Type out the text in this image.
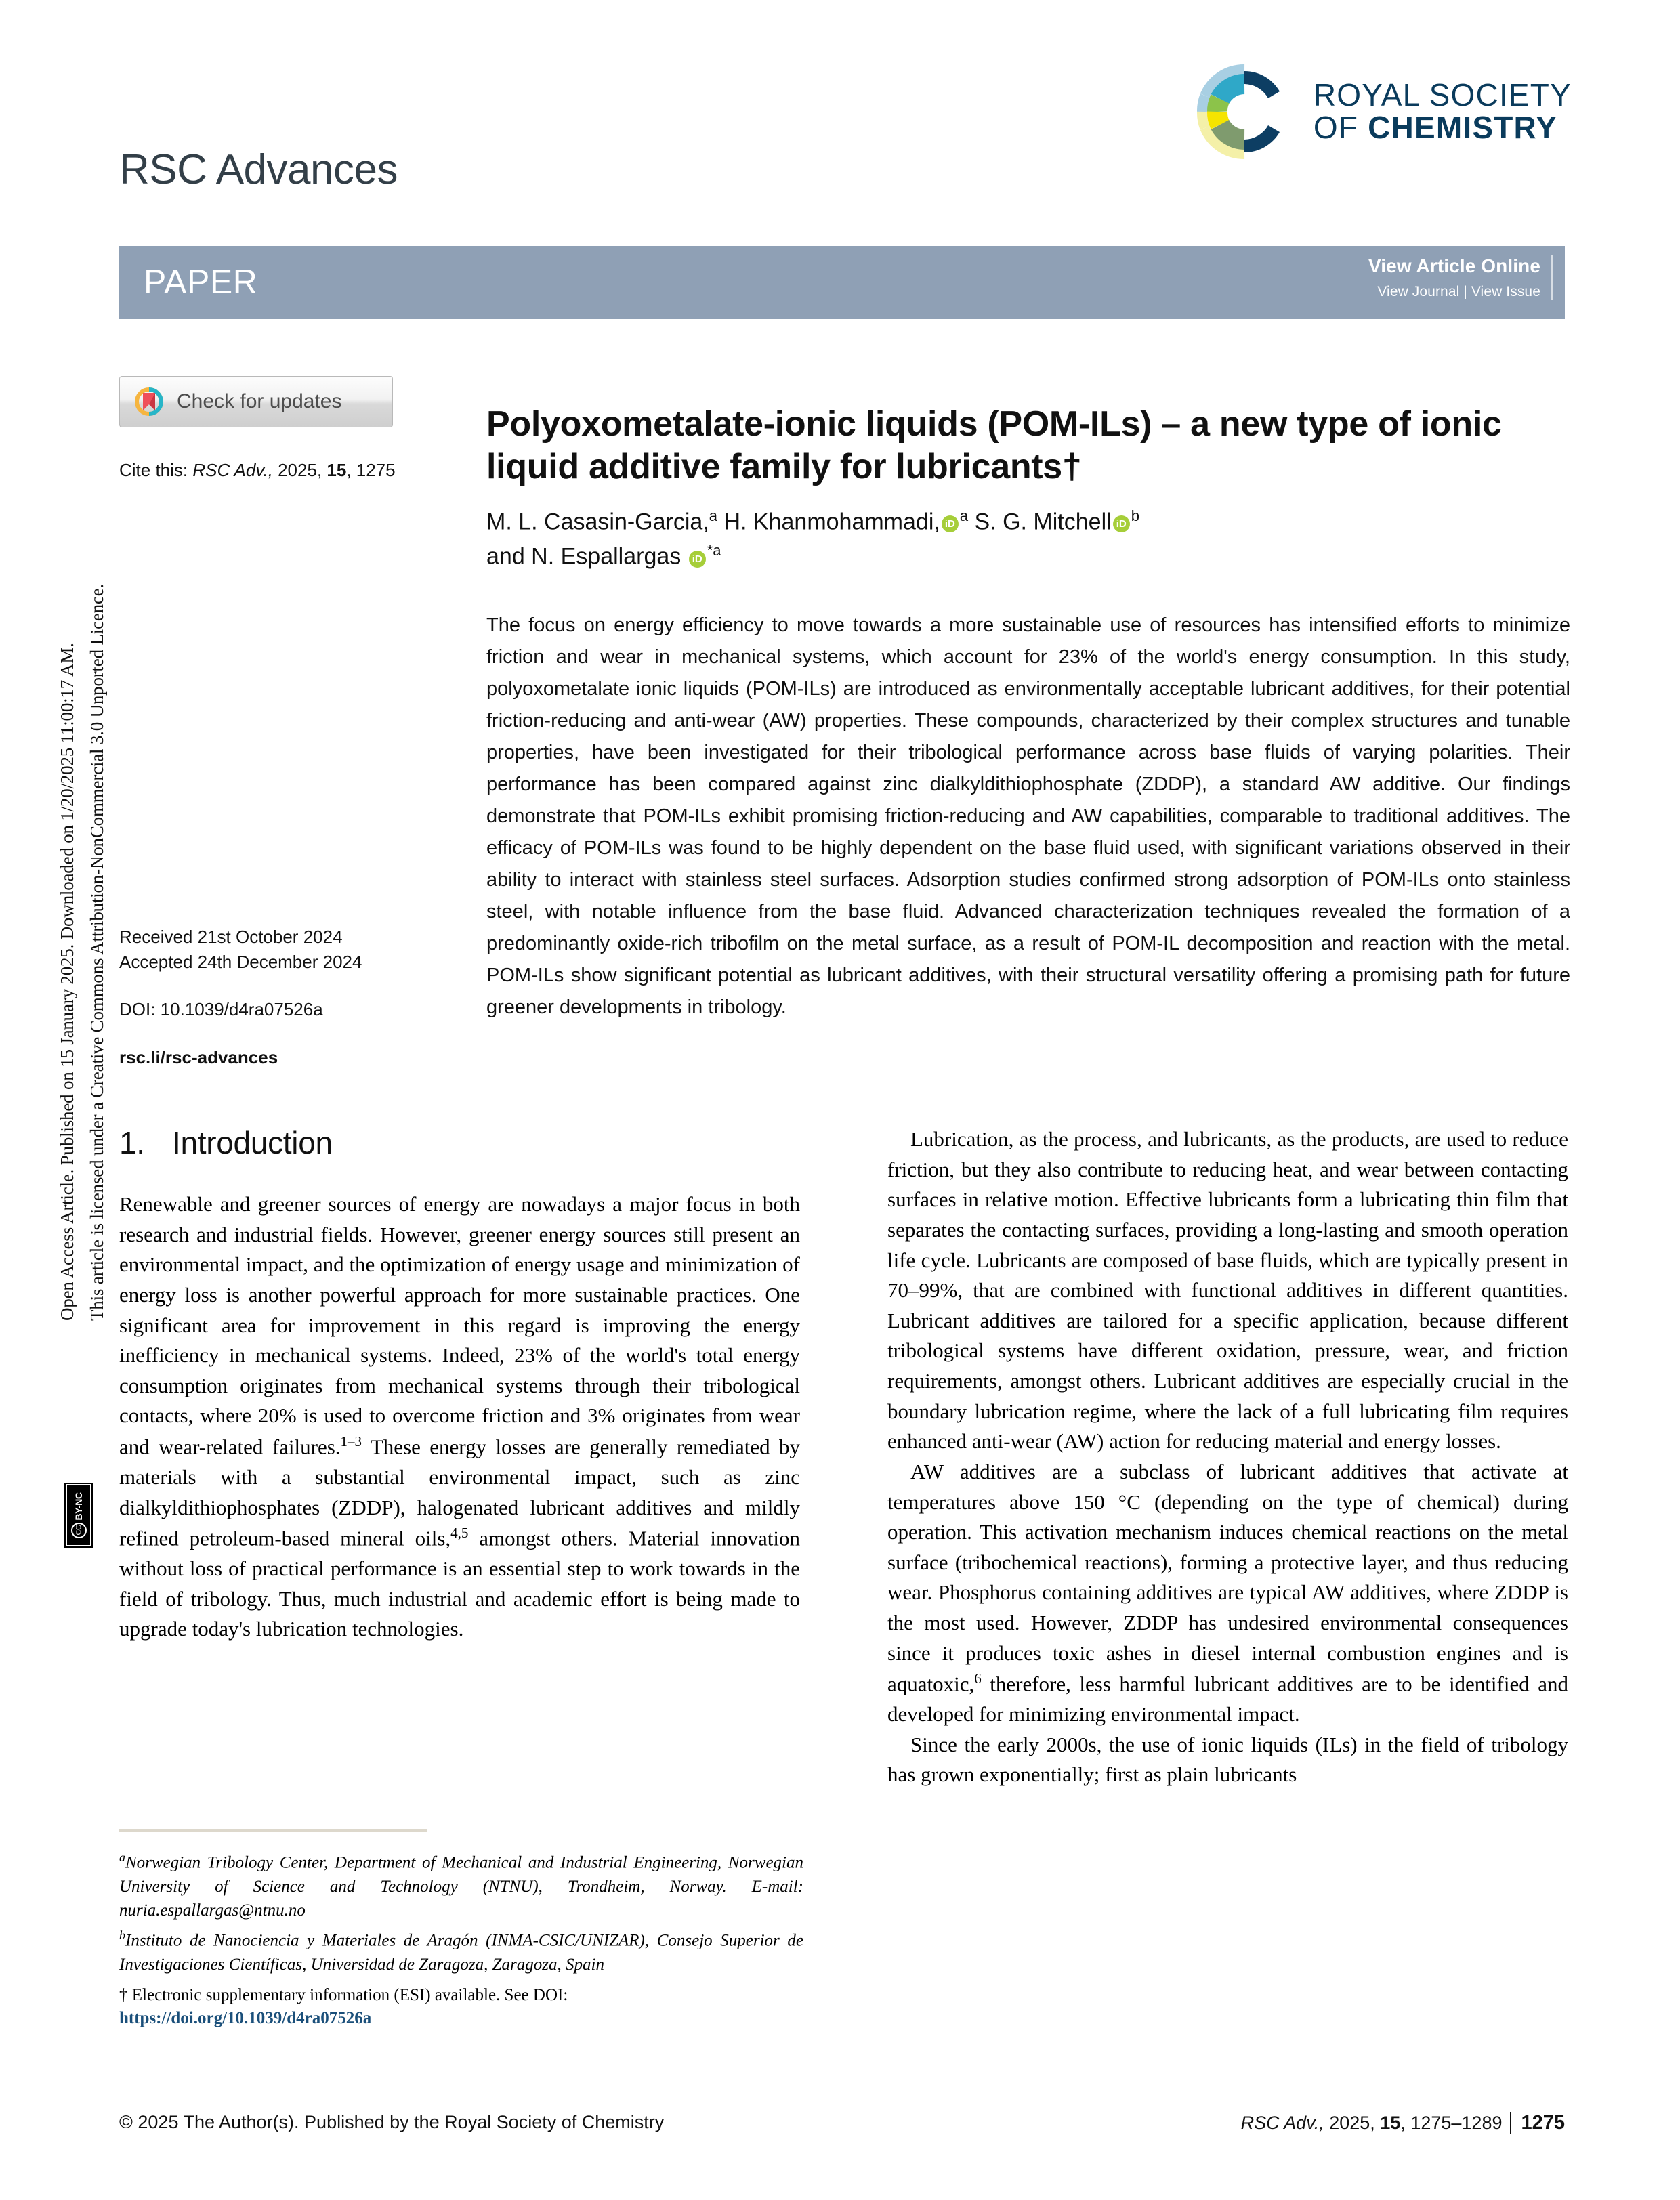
Open Access Article. Published on 15 January 2025. Downloaded on 1/20/2025 11:00:17 AM. This article is licensed under a Creative Commons Attribution-NonCommercial 3.0 Unported Licence.
CC
BY-NC
RSC Advances
ROYAL SOCIETY
OF CHEMISTRY
PAPER	View Article Online
View Journal | View Issue
Check for updates
Cite this: RSC Adv., 2025, 15, 1275
Received 21st October 2024
Accepted 24th December 2024
DOI: 10.1039/d4ra07526a
rsc.li/rsc-advances
Polyoxometalate-ionic liquids (POM-ILs) – a new type of ionic liquid additive family for lubricants†
M. L. Casasin-Garcia,$^a$ H. Khanmohammadi, iD $^a$ S. G. Mitchell iD $^b$
and N. Espallargas iD $^{*a}$
The focus on energy efficiency to move towards a more sustainable use of resources has intensified efforts to minimize friction and wear in mechanical systems, which account for 23% of the world's energy consumption. In this study, polyoxometalate ionic liquids (POM-ILs) are introduced as environmentally acceptable lubricant additives, for their potential friction-reducing and anti-wear (AW) properties. These compounds, characterized by their complex structures and tunable properties, have been investigated for their tribological performance across base fluids of varying polarities. Their performance has been compared against zinc dialkyldithiophosphate (ZDDP), a standard AW additive. Our findings demonstrate that POM-ILs exhibit promising friction-reducing and AW capabilities, comparable to traditional additives. The efficacy of POM-ILs was found to be highly dependent on the base fluid used, with significant variations observed in their ability to interact with stainless steel surfaces. Adsorption studies confirmed strong adsorption of POM-ILs onto stainless steel, with notable influence from the base fluid. Advanced characterization techniques revealed the formation of a predominantly oxide-rich tribofilm on the metal surface, as a result of POM-IL decomposition and reaction with the metal. POM-ILs show significant potential as lubricant additives, with their structural versatility offering a promising path for future greener developments in tribology.
1. Introduction

Renewable and greener sources of energy are nowadays a major focus in both research and industrial fields. However, greener energy sources still present an environmental impact, and the optimization of energy usage and minimization of energy loss is another powerful approach for more sustainable practices. One significant area for improvement in this regard is improving the energy inefficiency in mechanical systems. Indeed, 23% of the world's total energy consumption originates from mechanical systems through their tribological contacts, where 20% is used to overcome friction and 3% originates from wear and wear-related failures.$^{1-3}$ These energy losses are generally remediated by materials with a substantial environmental impact, such as zinc dialkyldithiophosphates (ZDDP), halogenated lubricant additives and mildly refined petroleum-based mineral oils,$^{4,5}$ amongst others. Material innovation without loss of practical performance is an essential step to work towards in the field of tribology. Thus, much industrial and academic effort is being made to upgrade today's lubrication technologies.

Lubrication, as the process, and lubricants, as the products, are used to reduce friction, but they also contribute to reducing heat, and wear between contacting surfaces in relative motion. Effective lubricants form a lubricating thin film that separates the contacting surfaces, providing a long-lasting and smooth operation life cycle. Lubricants are composed of base fluids, which are typically present in 70–99%, that are combined with functional additives in different quantities. Lubricant additives are tailored for a specific application, because different tribological systems have different oxidation, pressure, wear, and friction requirements, amongst others. Lubricant additives are especially crucial in the boundary lubrication regime, where the lack of a full lubricating film requires enhanced anti-wear (AW) action for reducing material and energy losses.

AW additives are a subclass of lubricant additives that activate at temperatures above 150 °C (depending on the type of chemical) during operation. This activation mechanism induces chemical reactions on the metal surface (tribochemical reactions), forming a protective layer, and thus reducing wear. Phosphorus containing additives are typical AW additives, where ZDDP is the most used. However, ZDDP has undesired environmental consequences since it produces toxic ashes in diesel internal combustion engines and is aquatoxic,$^6$ therefore, less harmful lubricant additives are to be identified and developed for minimizing environmental impact.

Since the early 2000s, the use of ionic liquids (ILs) in the field of tribology has grown exponentially; first as plain lubricants

$^a$Norwegian Tribology Center, Department of Mechanical and Industrial Engineering, Norwegian University of Science and Technology (NTNU), Trondheim, Norway. E-mail: nuria.espallargas@ntnu.no

$^b$Instituto de Nanociencia y Materiales de Aragón (INMA-CSIC/UNIZAR), Consejo Superior de Investigaciones Científicas, Universidad de Zaragoza, Zaragoza, Spain

† Electronic supplementary information (ESI) available. See DOI:

https://doi.org/10.1039/d4ra07526a
© 2025 The Author(s). Published by the Royal Society of Chemistry	RSC Adv., 2025, 15, 1275–1289 1275
